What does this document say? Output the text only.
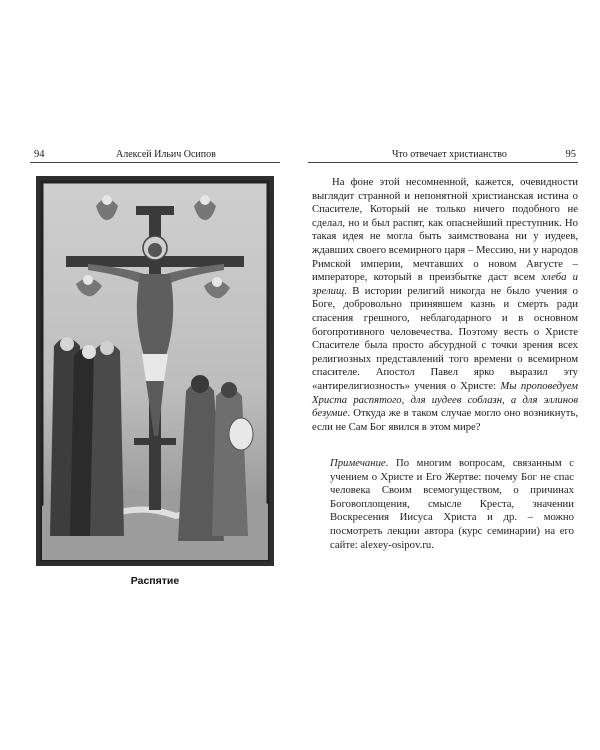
94	Алексей Ильич Осипов
Распятие
Что отвечает христианство	95

На фоне этой несомненной, кажется, очевидности выглядит странной и непонятной христианская истина о Спасителе, Который не только ничего подобного не сделал, но и был распят, как опаснейший преступник. Но такая идея не могла быть заимствована ни у иудеев, ждавших своего всемирного царя – Мессию, ни у народов Римской империи, мечтавших о новом Августе – императоре, который в преизбытке даст всем хлеба и зрелищ. В истории религий никогда не было учения о Боге, добровольно принявшем казнь и смерть ради спасения грешного, неблагодарного и в основном богопротивного человечества. Поэтому весть о Христе Спасителе была просто абсурдной с точки зрения всех религиозных представлений того времени о всемирном спасителе. Апостол Павел ярко выразил эту «антирелигиозность» учения о Христе: Мы проповедуем Христа распятого, для иудеев соблазн, а для эллинов безумие. Откуда же в таком случае могло оно возникнуть, если не Сам Бог явился в этом мире?

Примечание. По многим вопросам, связанным с учением о Христе и Его Жертве: почему Бог не спас человека Своим всемогуществом, о причинах Боговоплощения, смысле Креста, значении Воскресения Иисуса Христа и др. – можно посмотреть лекции автора (курс семинарии) на его сайте: alexey-osipov.ru.
